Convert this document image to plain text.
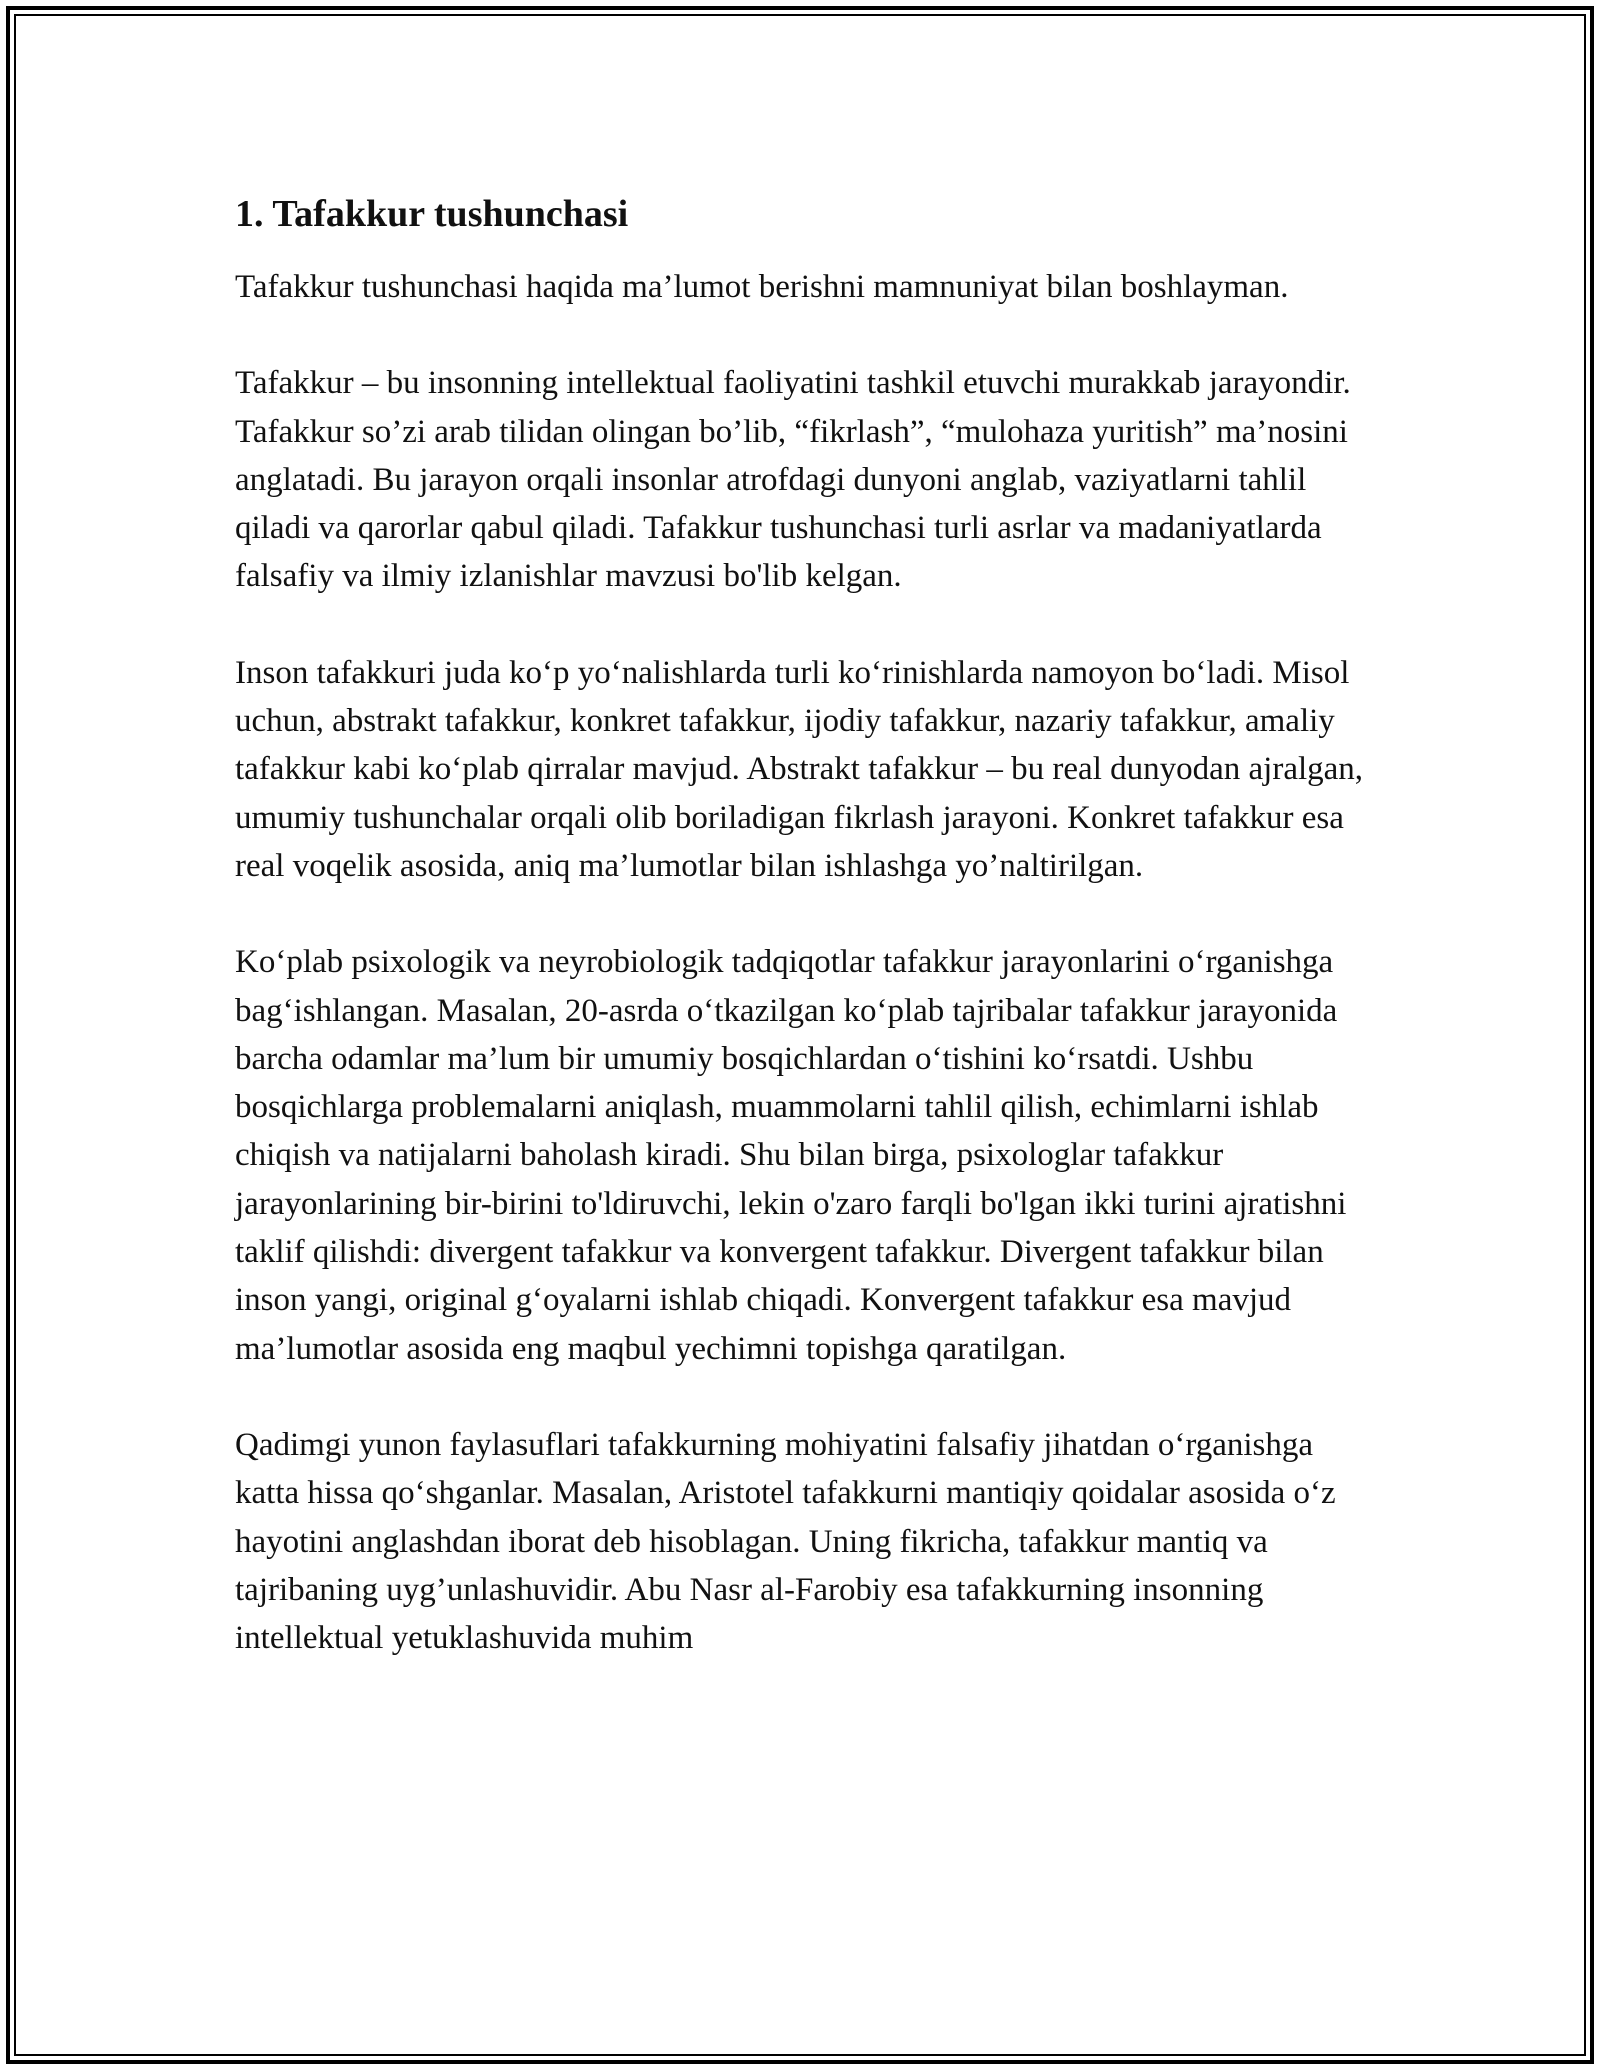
1. Tafakkur tushunchasi

Tafakkur tushunchasi haqida ma’lumot berishni mamnuniyat bilan boshlayman.

Tafakkur – bu insonning intellektual faoliyatini tashkil etuvchi murakkab jarayondir. Tafakkur so’zi arab tilidan olingan bo’lib, “fikrlash”, “mulohaza yuritish” ma’nosini anglatadi. Bu jarayon orqali insonlar atrofdagi dunyoni anglab, vaziyatlarni tahlil qiladi va qarorlar qabul qiladi. Tafakkur tushunchasi turli asrlar va madaniyatlarda falsafiy va ilmiy izlanishlar mavzusi bo'lib kelgan.

Inson tafakkuri juda ko‘p yo‘nalishlarda turli ko‘rinishlarda namoyon bo‘ladi. Misol uchun, abstrakt tafakkur, konkret tafakkur, ijodiy tafakkur, nazariy tafakkur, amaliy tafakkur kabi ko‘plab qirralar mavjud. Abstrakt tafakkur – bu real dunyodan ajralgan, umumiy tushunchalar orqali olib boriladigan fikrlash jarayoni. Konkret tafakkur esa real voqelik asosida, aniq ma’lumotlar bilan ishlashga yo’naltirilgan.

Ko‘plab psixologik va neyrobiologik tadqiqotlar tafakkur jarayonlarini o‘rganishga bag‘ishlangan. Masalan, 20-asrda o‘tkazilgan ko‘plab tajribalar tafakkur jarayonida barcha odamlar ma’lum bir umumiy bosqichlardan o‘tishini ko‘rsatdi. Ushbu bosqichlarga problemalarni aniqlash, muammolarni tahlil qilish, echimlarni ishlab chiqish va natijalarni baholash kiradi. Shu bilan birga, psixologlar tafakkur jarayonlarining bir-birini to'ldiruvchi, lekin o'zaro farqli bo'lgan ikki turini ajratishni taklif qilishdi: divergent tafakkur va konvergent tafakkur. Divergent tafakkur bilan inson yangi, original g‘oyalarni ishlab chiqadi. Konvergent tafakkur esa mavjud ma’lumotlar asosida eng maqbul yechimni topishga qaratilgan.

Qadimgi yunon faylasuflari tafakkurning mohiyatini falsafiy jihatdan o‘rganishga katta hissa qo‘shganlar. Masalan, Aristotel tafakkurni mantiqiy qoidalar asosida o‘z hayotini anglashdan iborat deb hisoblagan. Uning fikricha, tafakkur mantiq va tajribaning uyg’unlashuvidir. Abu Nasr al-Farobiy esa tafakkurning insonning intellektual yetuklashuvida muhim
